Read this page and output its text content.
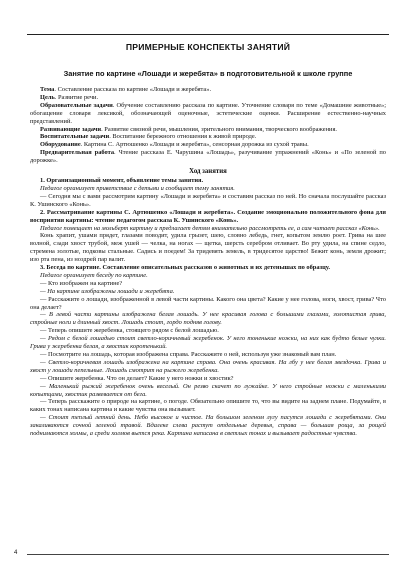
ПРИМЕРНЫЕ КОНСПЕКТЫ ЗАНЯТИЙ
Занятие по картине «Лошади и жеребята» в подготовительной к школе группе

Тема. Составление рассказа по картине «Лошади и жеребята».

Цель. Развитие речи.

Образовательные задачи. Обучение составлению рассказа по картине. Уточнение словаря по теме «Домашние животные»; обогащение словаря лексикой, обозначающей оценочные, эстетические оценки. Расширение естественно-научных представлений.

Развивающие задачи. Развитие связной речи, мышления, зрительного внимания, творческого воображения.

Воспитательные задачи. Воспитание бережного отношения к живой природе.

Оборудование. Картина С. Артюшенко «Лошади и жеребята», сенсорная дорожка из сухой травы.

Предварительная работа. Чтение рассказа Е. Чарушина «Лошадь», разучивание упражнений «Конь» и «По зеленой по дорожке».

Ход занятия

1. Организационный момент, объявление темы занятия.

Педагог организует приветствие с детьми и сообщает тему занятия.

— Сегодня мы с вами рассмотрим картину «Лошади и жеребята» и составим рассказ по ней. Но сначала послушайте рассказ К. Ушинского «Конь».

2. Рассматривание картины С. Артюшенко «Лошади и жеребята». Создание эмоционально положительного фона для восприятия картины: чтение педагогом рассказа К. Ушинского «Конь».

Педагог помещает на мольберт картину и предлагает детям внимательно рассмотреть ее, а сам читает рассказ «Конь».

Конь храпит, ушами прядет, глазами поводит, удила грызет, шею, словно лебедь, гнет, копытом землю роет. Грива на шее волной, сзади хвост трубой, меж ушей — челка, на ногах — щетка, шерсть серебром отливает. Во рту удила, на спине седло, стремена золотые, подковы стальные. Садись и поедем! За тридевять земель, в тридесятое царство! Бежит конь, земля дрожит; изо рта пена, из ноздрей пар валит.

3. Беседа по картине. Составление описательных рассказов о животных и их детенышах по образцу.

Педагог организует беседу по картине.

— Кто изображен на картине?

— На картине изображены лошади и жеребята.

— Расскажите о лошади, изображенной в левой части картины. Какого она цвета? Какие у нее голова, ноги, хвост, грива? Что она делает?

— В левой части картины изображена белая лошадь. У нее красивая голова с большими глазами, золотистая грива, стройные ноги и длинный хвост. Лошадь стоит, гордо подняв голову.

— Теперь опишите жеребенка, стоящего рядом с белой лошадью.

— Рядом с белой лошадью стоит светло-коричневый жеребенок. У него тоненькие ножки, на них как будто белые чулки. Грива у жеребенка белая, а хвостик коротенький.

— Посмотрите на лошадь, которая изображена справа. Расскажите о ней, используя уже знакомый вам план.

— Светло-коричневая лошадь изображена на картине справа. Она очень красивая. На лбу у нее белая звездочка. Грива и хвост у лошади пепельные. Лошадь смотрит на рыжего жеребенка.

— Опишите жеребенка. Что он делает? Какие у него ножки и хвостик?

— Маленький рыжий жеребенок очень веселый. Он резво скачет по лужайке. У него стройные ножки с маленькими копытцами, хвостик развевается от бега.

— Теперь расскажите о природе на картине, о погоде. Обязательно опишите то, что вы видите на заднем плане. Подумайте, в каких тонах написана картина и какие чувства она вызывает.

— Стоит теплый летний день. Небо высокое и чистое. На большом зеленом лугу пасутся лошади с жеребятами. Они закаливаются сочной зеленой травой. Вдалеке слева растут отдельные деревья, справа — большая роща, за рощей поднимаются холмы, а среди холмов вьется река. Картина написана в светлых тонах и вызывает радостные чувства.

4
